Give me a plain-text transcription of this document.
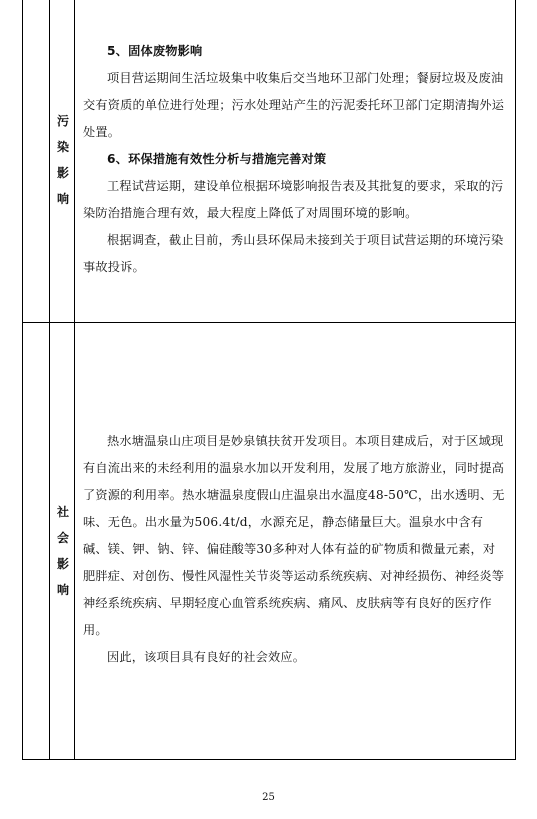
污
染
影
响
5、固体废物影响

项目营运期间生活垃圾集中收集后交当地环卫部门处理；餐厨垃圾及废油交有资质的单位进行处理；污水处理站产生的污泥委托环卫部门定期清掏外运处置。

6、环保措施有效性分析与措施完善对策

工程试营运期，建设单位根据环境影响报告表及其批复的要求，采取的污染防治措施合理有效，最大程度上降低了对周围环境的影响。

根据调查，截止目前，秀山县环保局未接到关于项目试营运期的环境污染事故投诉。

社
会
影
响

热水塘温泉山庄项目是妙泉镇扶贫开发项目。本项目建成后，对于区域现有自流出来的未经利用的温泉水加以开发利用，发展了地方旅游业，同时提高了资源的利用率。热水塘温泉度假山庄温泉出水温度48-50℃，出水透明、无味、无色。出水量为506.4t/d，水源充足，静态储量巨大。温泉水中含有碱、镁、钾、钠、锌、偏硅酸等30多种对人体有益的矿物质和微量元素，对肥胖症、对创伤、慢性风湿性关节炎等运动系统疾病、对神经损伤、神经炎等神经系统疾病、早期轻度心血管系统疾病、痛风、皮肤病等有良好的医疗作用。

因此，该项目具有良好的社会效应。

25
